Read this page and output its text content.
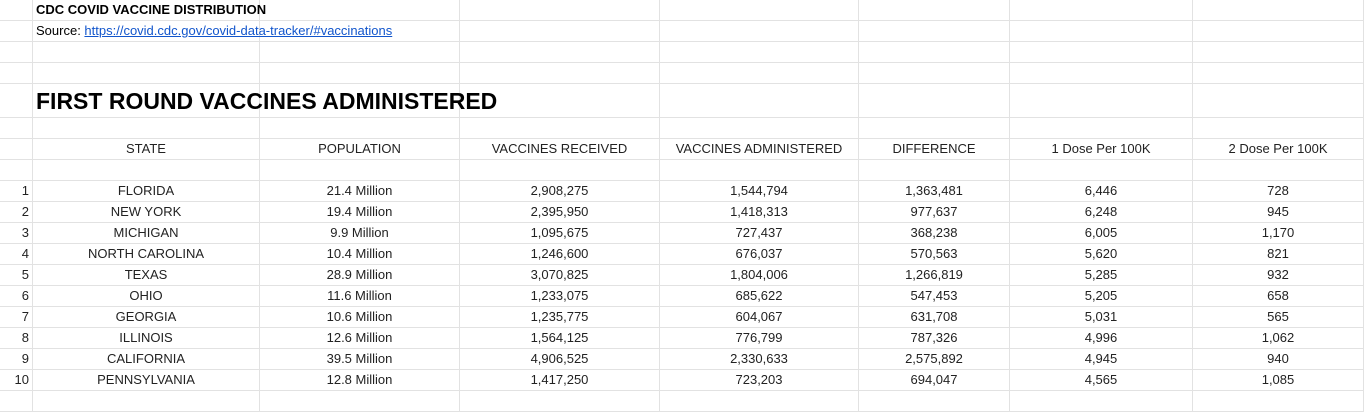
CDC COVID VACCINE DISTRIBUTION
Source: https://covid.cdc.gov/covid-data-tracker/#vaccinations
FIRST ROUND VACCINES ADMINISTERED
STATE	POPULATION	VACCINES RECEIVED	VACCINES ADMINISTERED	DIFFERENCE	1 Dose Per 100K	2 Dose Per 100K
1	FLORIDA	21.4 Million	2,908,275	1,544,794	1,363,481	6,446	728
2	NEW YORK	19.4 Million	2,395,950	1,418,313	977,637	6,248	945
3	MICHIGAN	9.9 Million	1,095,675	727,437	368,238	6,005	1,170
4	NORTH CAROLINA	10.4 Million	1,246,600	676,037	570,563	5,620	821
5	TEXAS	28.9 Million	3,070,825	1,804,006	1,266,819	5,285	932
6	OHIO	11.6 Million	1,233,075	685,622	547,453	5,205	658
7	GEORGIA	10.6 Million	1,235,775	604,067	631,708	5,031	565
8	ILLINOIS	12.6 Million	1,564,125	776,799	787,326	4,996	1,062
9	CALIFORNIA	39.5 Million	4,906,525	2,330,633	2,575,892	4,945	940
10	PENNSYLVANIA	12.8 Million	1,417,250	723,203	694,047	4,565	1,085
